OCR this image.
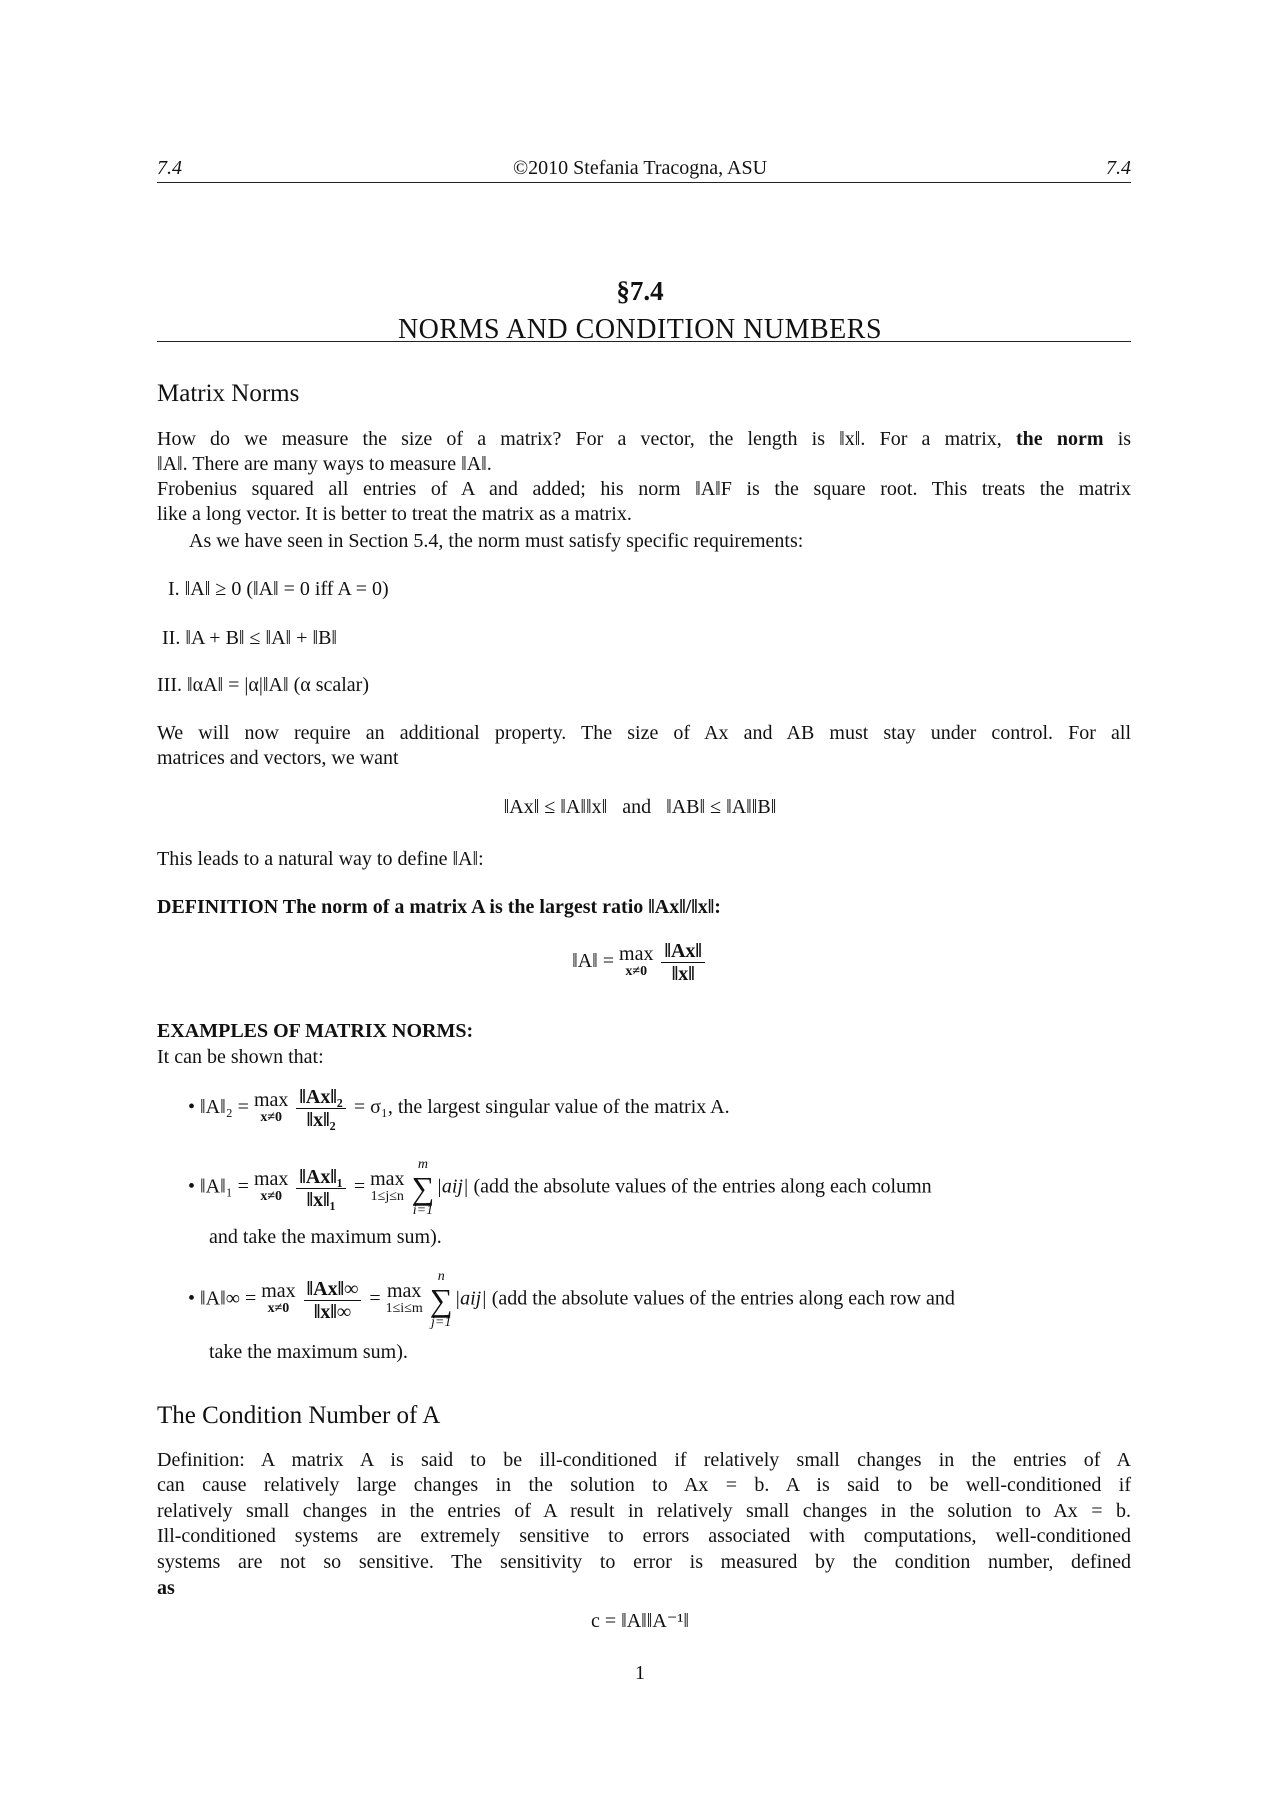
7.4	©2010 Stefania Tracogna, ASU	7.4
§7.4
NORMS AND CONDITION NUMBERS
Matrix Norms
How do we measure the size of a matrix? For a vector, the length is ‖x‖. For a matrix, the norm is
‖A‖. There are many ways to measure ‖A‖.
Frobenius squared all entries of A and added; his norm ‖A‖F is the square root. This treats the matrix
like a long vector. It is better to treat the matrix as a matrix.
As we have seen in Section 5.4, the norm must satisfy specific requirements:
I. ‖A‖ ≥ 0 (‖A‖ = 0 iff A = 0)
II. ‖A + B‖ ≤ ‖A‖ + ‖B‖
III. ‖αA‖ = |α|‖A‖ (α scalar)
We will now require an additional property. The size of Ax and AB must stay under control. For all
matrices and vectors, we want
‖Ax‖ ≤ ‖A‖‖x‖   and   ‖AB‖ ≤ ‖A‖‖B‖
This leads to a natural way to define ‖A‖:
DEFINITION The norm of a matrix A is the largest ratio ‖Ax‖/‖x‖:
‖A‖ = max
x≠0
$\frac{‖Ax‖}{‖x‖}$
EXAMPLES OF MATRIX NORMS:
It can be shown that:
• ‖A‖₂ = max
x≠0
$\frac{\text{‖Ax‖₂}}{\text{‖x‖₂}} = \sigma_1$, the largest singular value of the matrix A.
• ‖A‖₁ = max
x≠0
$\frac{\text{‖Ax‖₁}}{\text{‖x‖₁}} = \max$
1≤j≤n

m
∑
i=1
|aij| (add the absolute values of the entries along each column
and take the maximum sum).
• ‖A‖∞ = max
x≠0
$\frac{‖Ax‖\infty}{‖x‖\infty} = \max$
1≤i≤m

n
∑
j=1
|aij| (add the absolute values of the entries along each row and
take the maximum sum).
The Condition Number of A
Definition: A matrix A is said to be ill-conditioned if relatively small changes in the entries of A
can cause relatively large changes in the solution to Ax = b. A is said to be well-conditioned if
relatively small changes in the entries of A result in relatively small changes in the solution to Ax = b.
Ill-conditioned systems are extremely sensitive to errors associated with computations, well-conditioned
systems are not so sensitive. The sensitivity to error is measured by the condition number, defined
as
c = ‖A‖‖A⁻¹‖
1
